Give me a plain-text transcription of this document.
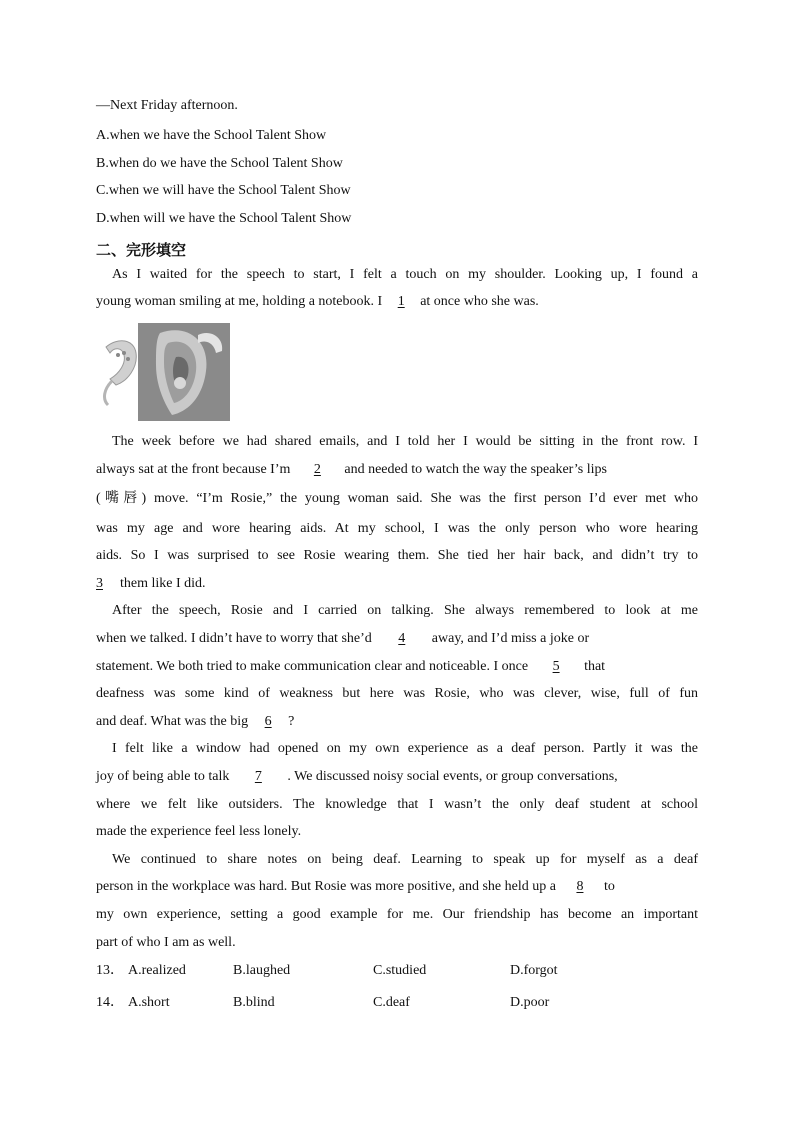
—Next Friday afternoon.
A.when we have the School Talent Show
B.when do we have the School Talent Show
C.when we will have the School Talent Show
D.when will we have the School Talent Show
二、完形填空
As I waited for the speech to start, I felt a touch on my shoulder. Looking up, I found a
young woman smiling at me, holding a notebook. I 1 at once who she was.
The week before we had shared emails, and I told her I would be sitting in the front row. I
always sat at the front because I’m 2 and needed to watch the way the speaker’s lips
(嘴唇) move. “I’m Rosie,” the young woman said. She was the first person I’d ever met who
was my age and wore hearing aids. At my school, I was the only person who wore hearing
aids. So I was surprised to see Rosie wearing them. She tied her hair back, and didn’t try to
3 them like I did.
After the speech, Rosie and I carried on talking. She always remembered to look at me
when we talked. I didn’t have to worry that she’d 4 away, and I’d miss a joke or
statement. We both tried to make communication clear and noticeable. I once 5 that
deafness was some kind of weakness but here was Rosie, who was clever, wise, full of fun
and deaf. What was the big 6 ?
I felt like a window had opened on my own experience as a deaf person. Partly it was the
joy of being able to talk 7 . We discussed noisy social events, or group conversations,
where we felt like outsiders. The knowledge that I wasn’t the only deaf student at school
made the experience feel less lonely.
We continued to share notes on being deaf. Learning to speak up for myself as a deaf
person in the workplace was hard. But Rosie was more positive, and she held up a 8 to
my own experience, setting a good example for me. Our friendship has become an important
part of who I am as well.
13． A.realized	B.laughed	C.studied	D.forgot
14． A.short	B.blind	C.deaf	D.poor
